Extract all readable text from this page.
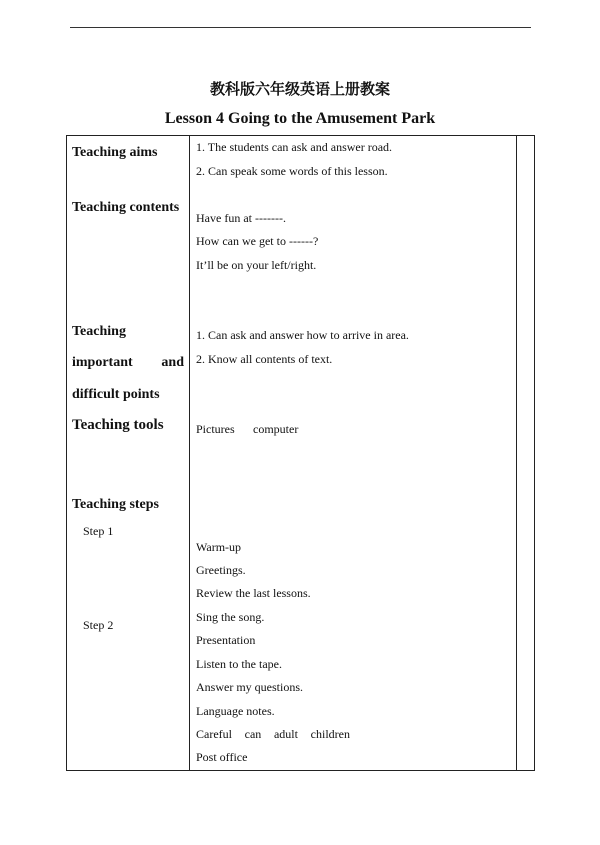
教科版六年级英语上册教案
Lesson 4 Going to the Amusement Park
Teaching aims
Teaching contents
Teaching
important and
difficult points
Teaching tools
Teaching steps
Step 1
Step 2
1. The students can ask and answer road.
2. Can speak some words of this lesson.
Have fun at -------.
How can we get to ------?
It’ll be on your left/right.
1. Can ask and answer how to arrive in area.
2. Know all contents of text.
Pictures computer
Warm-up
Greetings.
Review the last lessons.
Sing the song.
Presentation
Listen to the tape.
Answer my questions.
Language notes.
Careful can adult children
Post office
